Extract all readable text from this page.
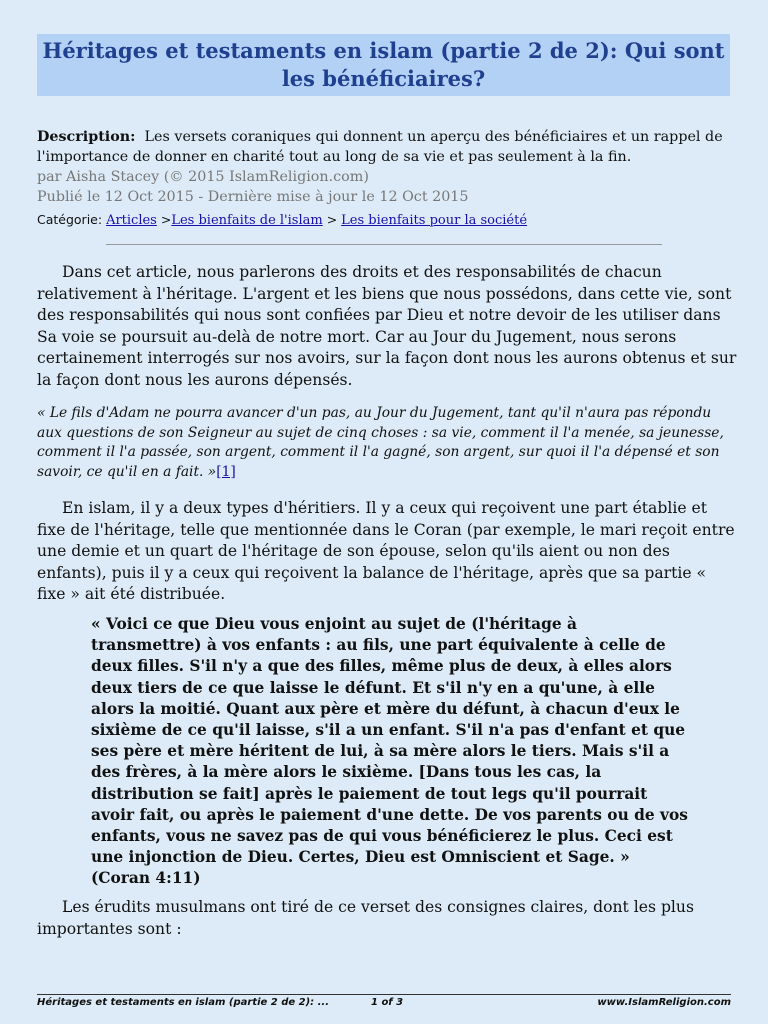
Héritages et testaments en islam (partie 2 de 2): Qui sont les bénéficiaires?
Description: Les versets coraniques qui donnent un aperçu des bénéficiaires et un rappel de l'importance de donner en charité tout au long de sa vie et pas seulement à la fin.
par Aisha Stacey (© 2015 IslamReligion.com)
Publié le 12 Oct 2015 - Dernière mise à jour le 12 Oct 2015
Catégorie: Articles >Les bienfaits de l'islam > Les bienfaits pour la société
Dans cet article, nous parlerons des droits et des responsabilités de chacun relativement à l'héritage. L'argent et les biens que nous possédons, dans cette vie, sont des responsabilités qui nous sont confiées par Dieu et notre devoir de les utiliser dans Sa voie se poursuit au-delà de notre mort. Car au Jour du Jugement, nous serons certainement interrogés sur nos avoirs, sur la façon dont nous les aurons obtenus et sur la façon dont nous les aurons dépensés.
« Le fils d'Adam ne pourra avancer d'un pas, au Jour du Jugement, tant qu'il n'aura pas répondu aux questions de son Seigneur au sujet de cinq choses : sa vie, comment il l'a menée, sa jeunesse, comment il l'a passée, son argent, comment il l'a gagné, son argent, sur quoi il l'a dépensé et son savoir, ce qu'il en a fait. »[1]
En islam, il y a deux types d'héritiers. Il y a ceux qui reçoivent une part établie et fixe de l'héritage, telle que mentionnée dans le Coran (par exemple, le mari reçoit entre une demie et un quart de l'héritage de son épouse, selon qu'ils aient ou non des enfants), puis il y a ceux qui reçoivent la balance de l'héritage, après que sa partie « fixe » ait été distribuée.
« Voici ce que Dieu vous enjoint au sujet de (l'héritage à transmettre) à vos enfants : au fils, une part équivalente à celle de deux filles. S'il n'y a que des filles, même plus de deux, à elles alors deux tiers de ce que laisse le défunt. Et s'il n'y en a qu'une, à elle alors la moitié. Quant aux père et mère du défunt, à chacun d'eux le sixième de ce qu'il laisse, s'il a un enfant. S'il n'a pas d'enfant et que ses père et mère héritent de lui, à sa mère alors le tiers. Mais s'il a des frères, à la mère alors le sixième. [Dans tous les cas, la distribution se fait] après le paiement de tout legs qu'il pourrait avoir fait, ou après le paiement d'une dette. De vos parents ou de vos enfants, vous ne savez pas de qui vous bénéficierez le plus. Ceci est une injonction de Dieu. Certes, Dieu est Omniscient et Sage. » (Coran 4:11)
Les érudits musulmans ont tiré de ce verset des consignes claires, dont les plus importantes sont :
Héritages et testaments en islam (partie 2 de 2): ...	1 of 3	www.IslamReligion.com
